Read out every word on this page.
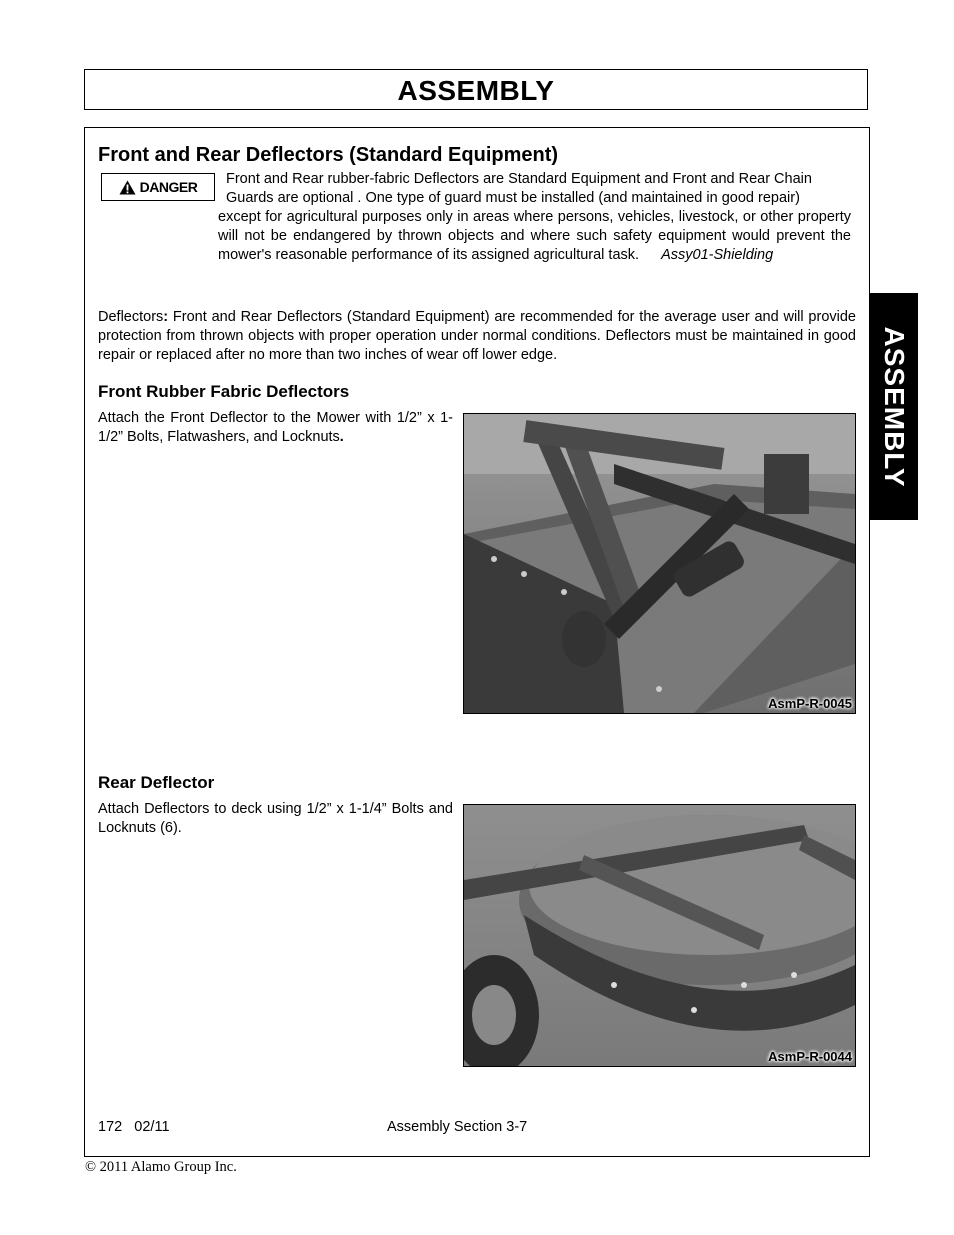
ASSEMBLY
ASSEMBLY
Front and Rear Deflectors (Standard Equipment)
DANGER Front and Rear rubber-fabric Deflectors are Standard Equipment and Front and Rear Chain
Guards are optional . One type of guard must be installed (and maintained in good repair)
except for agricultural purposes only in areas where persons, vehicles, livestock, or other property will not be endangered by thrown objects and where such safety equipment would prevent the mower's reasonable performance of its assigned agricultural task. Assy01-Shielding
Deflectors: Front and Rear Deflectors (Standard Equipment) are recommended for the average user and will provide protection from thrown objects with proper operation under normal conditions. Deflectors must be maintained in good repair or replaced after no more than two inches of wear off lower edge.
Front Rubber Fabric Deflectors
Attach the Front Deflector to the Mower with 1/2” x 1-1/2” Bolts, Flatwashers, and Locknuts.
AsmP-R-0045
Rear Deflector
Attach Deflectors to deck using 1/2” x 1-1/4” Bolts and Locknuts (6).
AsmP-R-0044
172 02/11	Assembly Section 3-7
© 2011 Alamo Group Inc.
